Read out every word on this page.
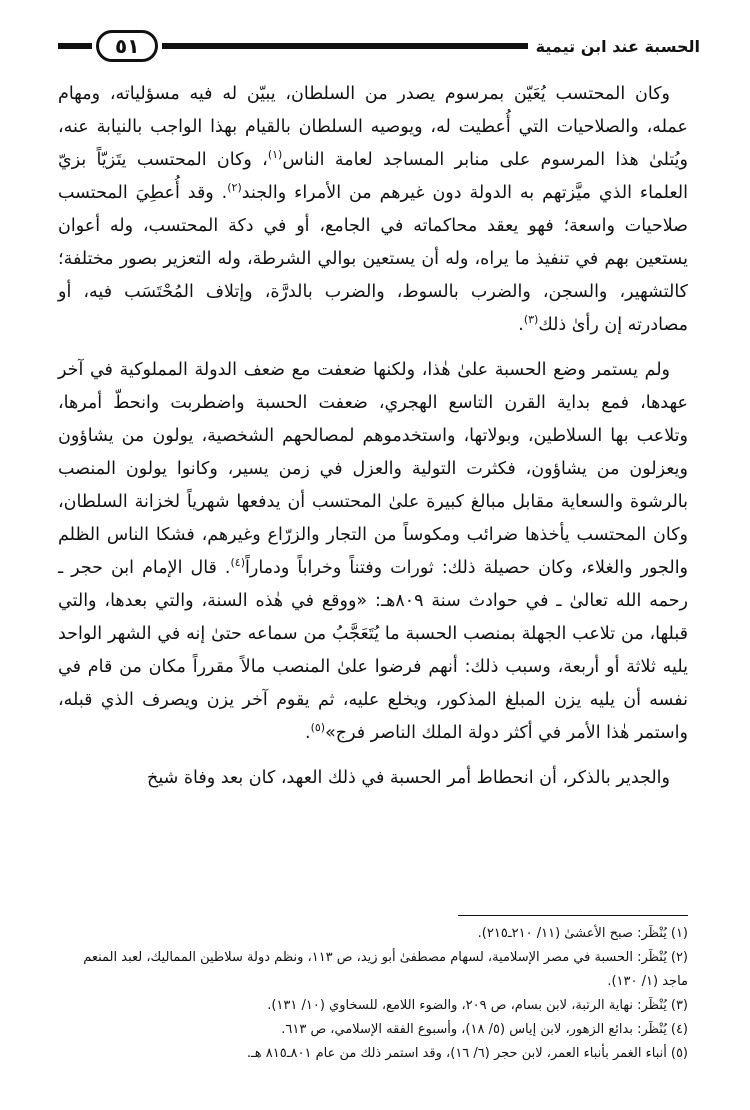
الحسبة عند ابن تيمية
٥١

وكان المحتسب يُعَيّن بمرسوم يصدر من السلطان، يبيّن له فيه مسؤلياته، ومهام عمله، والصلاحيات التي أُعطيت له، ويوصيه السلطان بالقيام بهذا الواجب بالنيابة عنه، ويُتلىٰ هذا المرسوم على منابر المساجد لعامة الناس$^{(١)}$، وكان المحتسب يتَزيّاً بزيّ العلماء الذي ميَّزتهم به الدولة دون غيرهم من الأمراء والجند$^{(٢)}$. وقد أُعطِيَ المحتسب صلاحيات واسعة؛ فهو يعقد محاكماته في الجامع، أو في دكة المحتسب، وله أعوان يستعين بهم في تنفيذ ما يراه، وله أن يستعين بوالي الشرطة، وله التعزير بصور مختلفة؛ كالتشهير، والسجن، والضرب بالسوط، والضرب بالدرَّة، وإتلاف المُحْتَسَب فيه، أو مصادرته إن رأىٰ ذلك$^{(٣)}$.

ولم يستمر وضع الحسبة علىٰ هٰذا، ولكنها ضعفت مع ضعف الدولة المملوكية في آخر عهدها، فمع بداية القرن التاسع الهجري، ضعفت الحسبة واضطربت وانحطّ أمرها، وتلاعب بها السلاطين، وبولاتها، واستخدموهم لمصالحهم الشخصية، يولون من يشاؤون ويعزلون من يشاؤون، فكثرت التولية والعزل في زمن يسير، وكانوا يولون المنصب بالرشوة والسعاية مقابل مبالغ كبيرة علىٰ المحتسب أن يدفعها شهرياً لخزانة السلطان، وكان المحتسب يأخذها ضرائب ومكوساً من التجار والزرّاع وغيرهم، فشكا الناس الظلم والجور والغلاء، وكان حصيلة ذلك: ثورات وفتناً وخراباً ودماراً$^{(٤)}$. قال الإمام ابن حجر ـ رحمه الله تعالىٰ ـ في حوادث سنة ٨٠٩هـ: «ووقع في هٰذه السنة، والتي بعدها، والتي قبلها، من تلاعب الجهلة بمنصب الحسبة ما يُتَعَجَّبُ من سماعه حتىٰ إنه في الشهر الواحد يليه ثلاثة أو أربعة، وسبب ذلك: أنهم فرضوا علىٰ المنصب مالاً مقرراً مكان من قام في نفسه أن يليه يزن المبلغ المذكور، ويخلع عليه، ثم يقوم آخر يزن ويصرف الذي قبله، واستمر هٰذا الأمر في أكثر دولة الملك الناصر فرج»$^{(٥)}$.

والجدير بالذكر، أن انحطاط أمر الحسبة في ذلك العهد، كان بعد وفاة شيخ

(١)يُنْظَر: صبح الأعشىٰ (١١/ ٢١٠ـ٢١٥).

(٢)يُنْظَر: الحسبة في مصر الإسلامية، لسهام مصطفىٰ أبو زيد، ص ١١٣، ونظم دولة سلاطين المماليك، لعبد المنعم ماجد (١/ ١٣٠).

(٣)يُنْظَر: نهاية الرتبة، لابن بسام، ص ٢٠٩، والضوء اللامع، للسخاوي (١٠/ ١٣١).

(٤)يُنْظَر: بدائع الزهور، لابن إياس (٥/ ١٨)، وأسبوع الفقه الإسلامي، ص ٦١٣.

(٥)أنباء الغمر بأنباء العمر، لابن حجر (٦/ ١٦)، وقد استمر ذلك من عام ٨٠١ـ٨١٥ هـ.
